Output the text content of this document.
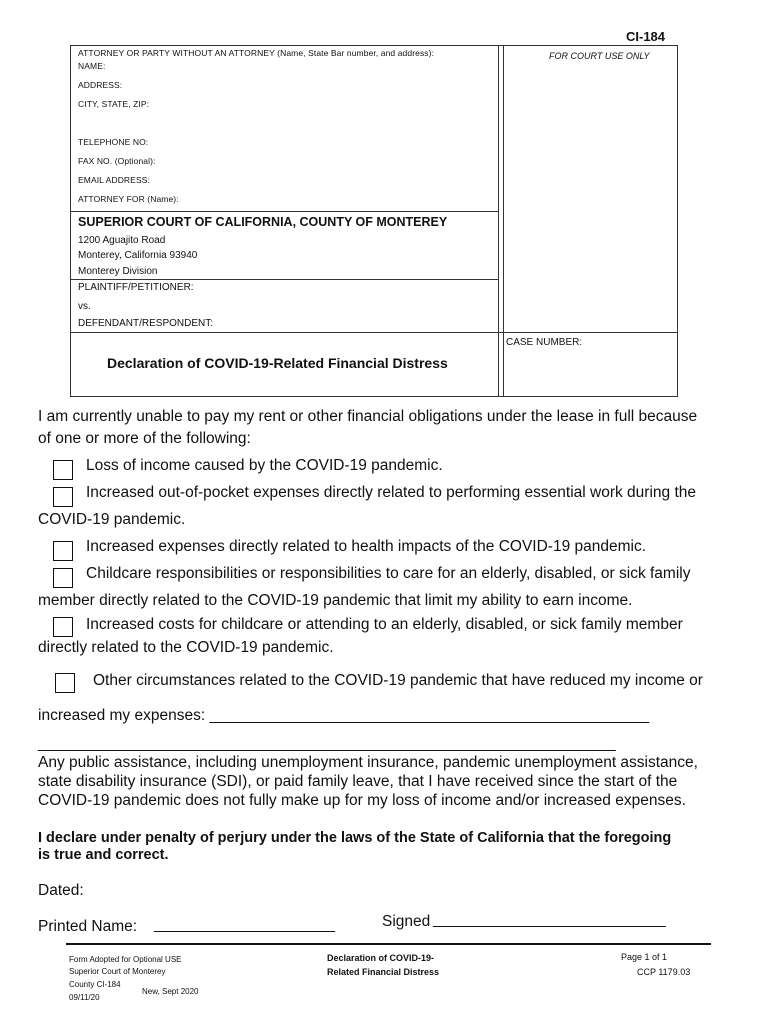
CI-184
ATTORNEY OR PARTY WITHOUT AN ATTORNEY (Name, State Bar number, and address):
NAME:
ADDRESS:
CITY, STATE, ZIP:
TELEPHONE NO:
FAX NO. (Optional):
EMAIL ADDRESS:
ATTORNEY FOR (Name):
FOR COURT USE ONLY
SUPERIOR COURT OF CALIFORNIA, COUNTY OF MONTEREY
1200 Aguajito Road
Monterey, California 93940
Monterey Division
PLAINTIFF/PETITIONER:
vs.
DEFENDANT/RESPONDENT:
Declaration of COVID-19-Related Financial Distress
CASE NUMBER:
I am currently unable to pay my rent or other financial obligations under the lease in full because
of one or more of the following:
Loss of income caused by the COVID-19 pandemic.
Increased out-of-pocket expenses directly related to performing essential work during the
COVID-19 pandemic.
Increased expenses directly related to health impacts of the COVID-19 pandemic.
Childcare responsibilities or responsibilities to care for an elderly, disabled, or sick family
member directly related to the COVID-19 pandemic that limit my ability to earn income.
Increased costs for childcare or attending to an elderly, disabled, or sick family member
directly related to the COVID-19 pandemic.
Other circumstances related to the COVID-19 pandemic that have reduced my income or
increased my expenses: ___________________________________________________
___________________________________________________________________
Any public assistance, including unemployment insurance, pandemic unemployment assistance,
state disability insurance (SDI), or paid family leave, that I have received since the start of the
COVID-19 pandemic does not fully make up for my loss of income and/or increased expenses.
I declare under penalty of perjury under the laws of the State of California that the foregoing
is true and correct.
Dated:
Printed Name: _____________________	Signed ___________________________
Form Adopted for Optional USE
Superior Court of Monterey
County CI-184
09/11/20
New, Sept 2020
Declaration of COVID-19-
Related Financial Distress
Page 1 of 1
CCP 1179.03
